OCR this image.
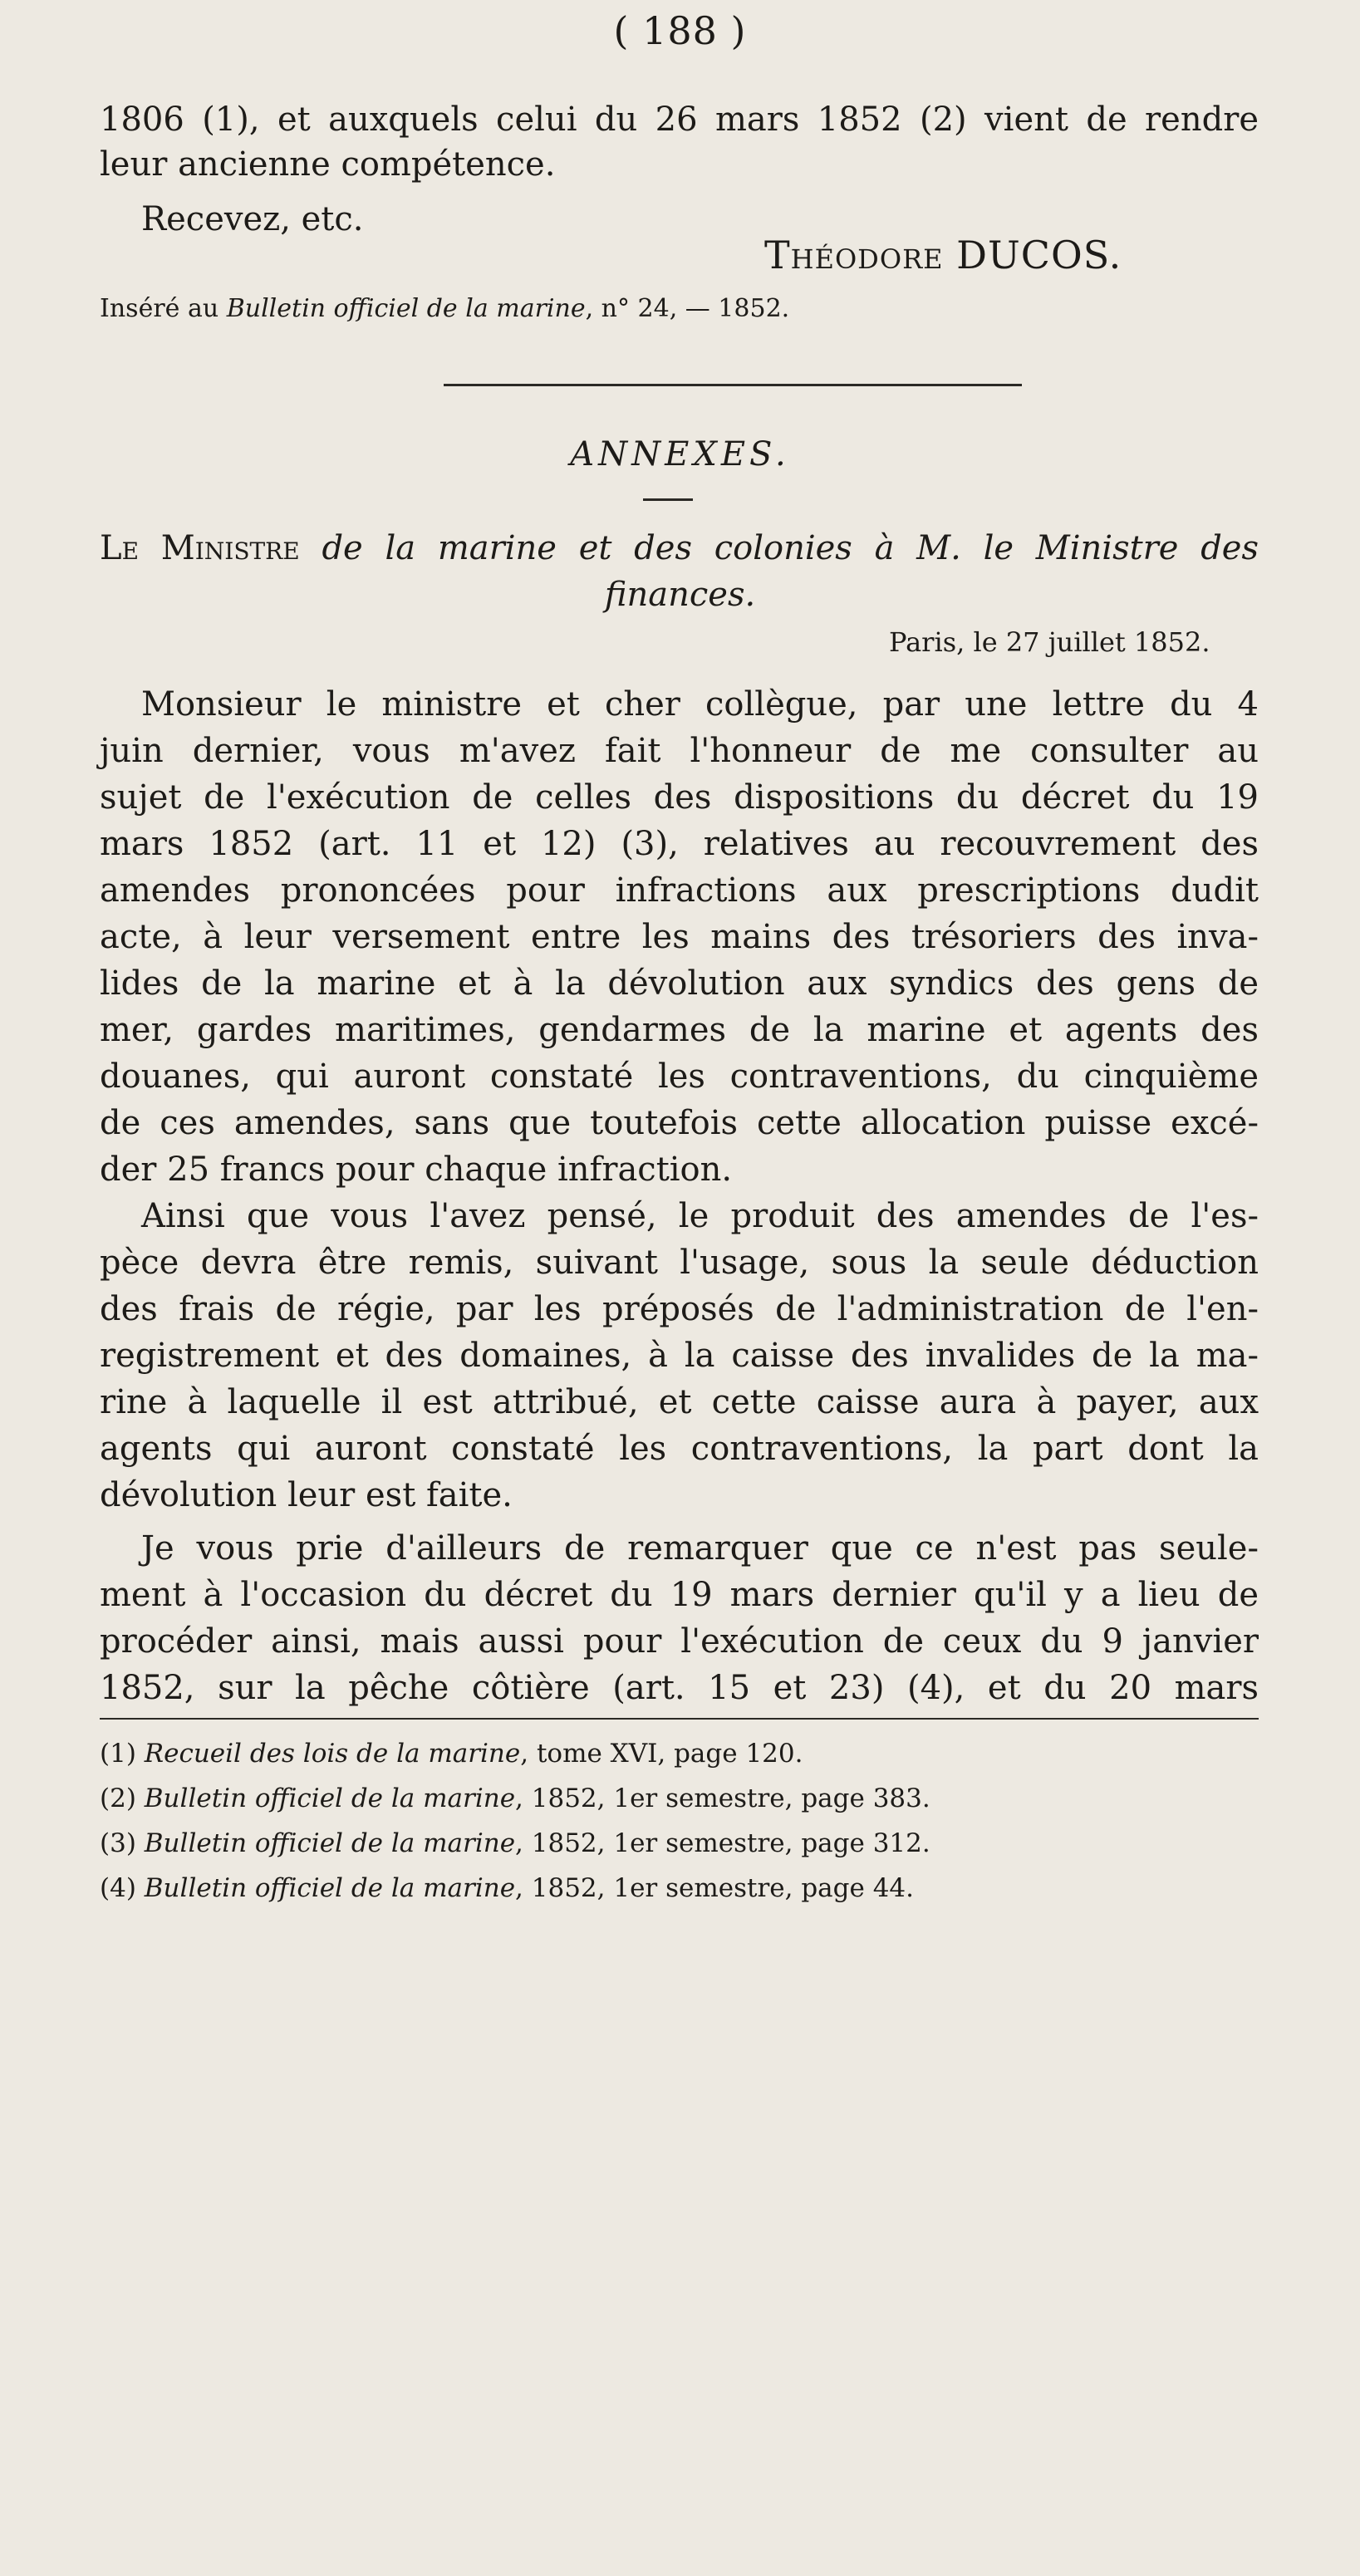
( 188 )
1806 (1), et auxquels celui du 26 mars 1852 (2) vient de rendre
leur ancienne compétence.
Recevez, etc.
Théodore DUCOS.
Inséré au Bulletin officiel de la marine, n° 24, — 1852.
ANNEXES.
Le Ministre de la marine et des colonies à M. le Ministre des
finances.
Paris, le 27 juillet 1852.
Monsieur le ministre et cher collègue, par une lettre du 4
juin dernier, vous m'avez fait l'honneur de me consulter au
sujet de l'exécution de celles des dispositions du décret du 19
mars 1852 (art. 11 et 12) (3), relatives au recouvrement des
amendes prononcées pour infractions aux prescriptions dudit
acte, à leur versement entre les mains des trésoriers des inva-
lides de la marine et à la dévolution aux syndics des gens de
mer, gardes maritimes, gendarmes de la marine et agents des
douanes, qui auront constaté les contraventions, du cinquième
de ces amendes, sans que toutefois cette allocation puisse excé-
der 25 francs pour chaque infraction.
Ainsi que vous l'avez pensé, le produit des amendes de l'es-
pèce devra être remis, suivant l'usage, sous la seule déduction
des frais de régie, par les préposés de l'administration de l'en-
registrement et des domaines, à la caisse des invalides de la ma-
rine à laquelle il est attribué, et cette caisse aura à payer, aux
agents qui auront constaté les contraventions, la part dont la
dévolution leur est faite.
Je vous prie d'ailleurs de remarquer que ce n'est pas seule-
ment à l'occasion du décret du 19 mars dernier qu'il y a lieu de
procéder ainsi, mais aussi pour l'exécution de ceux du 9 janvier
1852, sur la pêche côtière (art. 15 et 23) (4), et du 20 mars
(1) Recueil des lois de la marine, tome XVI, page 120.
(2) Bulletin officiel de la marine, 1852, 1er semestre, page 383.
(3) Bulletin officiel de la marine, 1852, 1er semestre, page 312.
(4) Bulletin officiel de la marine, 1852, 1er semestre, page 44.
